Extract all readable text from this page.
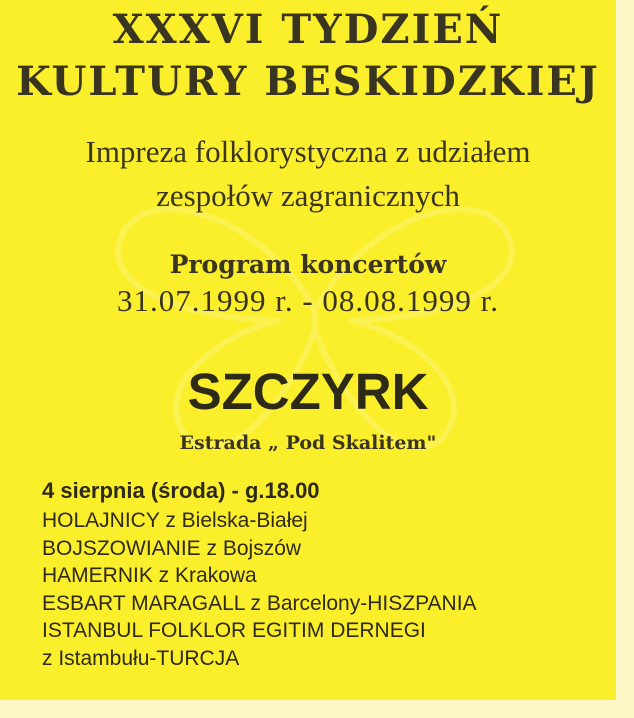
XXXVI TYDZIEŃ
KULTURY BESKIDZKIEJ
Impreza folklorystyczna z udziałem
zespołów zagranicznych
Program koncertów
31.07.1999 r. - 08.08.1999 r.
SZCZYRK
Estrada „ Pod Skalitem"
4 sierpnia (środa) - g.18.00
HOLAJNICY z Bielska-Białej
BOJSZOWIANIE z Bojszów
HAMERNIK z Krakowa
ESBART MARAGALL z Barcelony-HISZPANIA
ISTANBUL FOLKLOR EGITIM DERNEGI
z Istambułu-TURCJA
